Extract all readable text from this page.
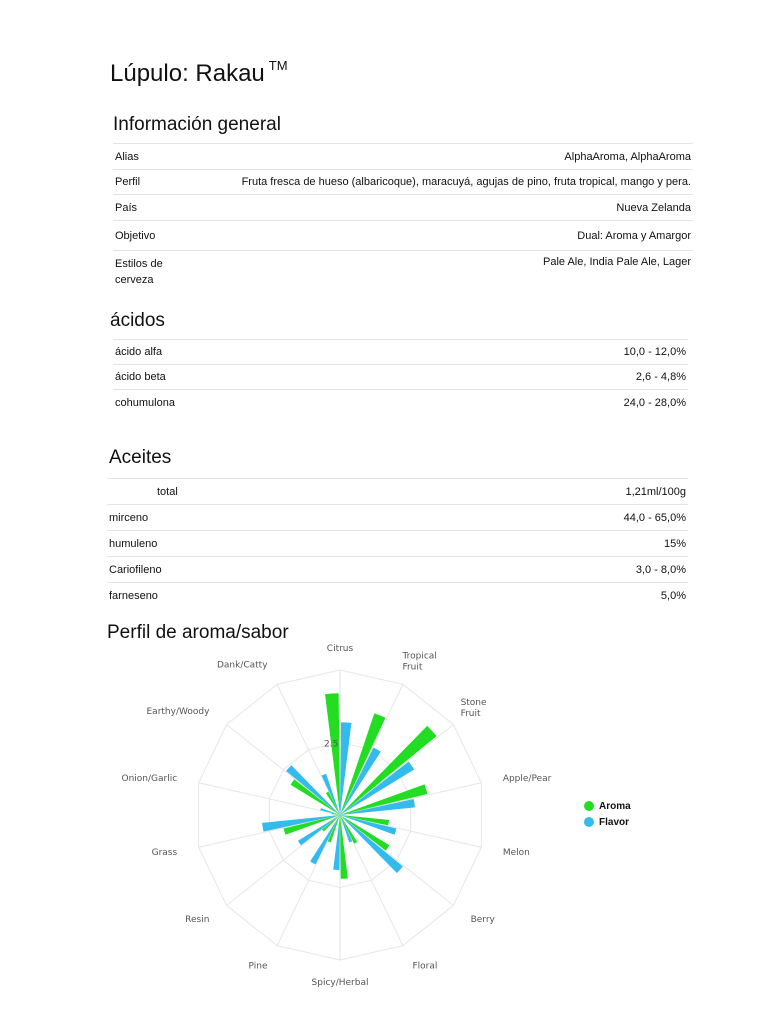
Lúpulo: Rakau ™
Información general
Alias	AlphaAroma, AlphaAroma
Perfil	Fruta fresca de hueso (albaricoque), maracuyá, agujas de pino, fruta tropical, mango y pera.
País	Nueva Zelanda
Objetivo	Dual: Aroma y Amargor
Estilos de cerveza	Pale Ale, India Pale Ale, Lager
ácidos
ácido alfa	10,0 - 12,0%
ácido beta	2,6 - 4,8%
cohumulona	24,0 - 28,0%
Aceites
total	1,21ml/100g
mirceno	44,0 - 65,0%
humuleno	15%
Cariofileno	3,0 - 8,0%
farneseno	5,0%
Perfil de aroma/sabor
2.5
Citrus
Tropical Fruit
Stone Fruit
Apple/Pear
Melon
Berry
Floral
Spicy/Herbal
Pine
Resin
Grass
Onion/Garlic
Earthy/Woody
Dank/Catty
Aroma
Flavor
